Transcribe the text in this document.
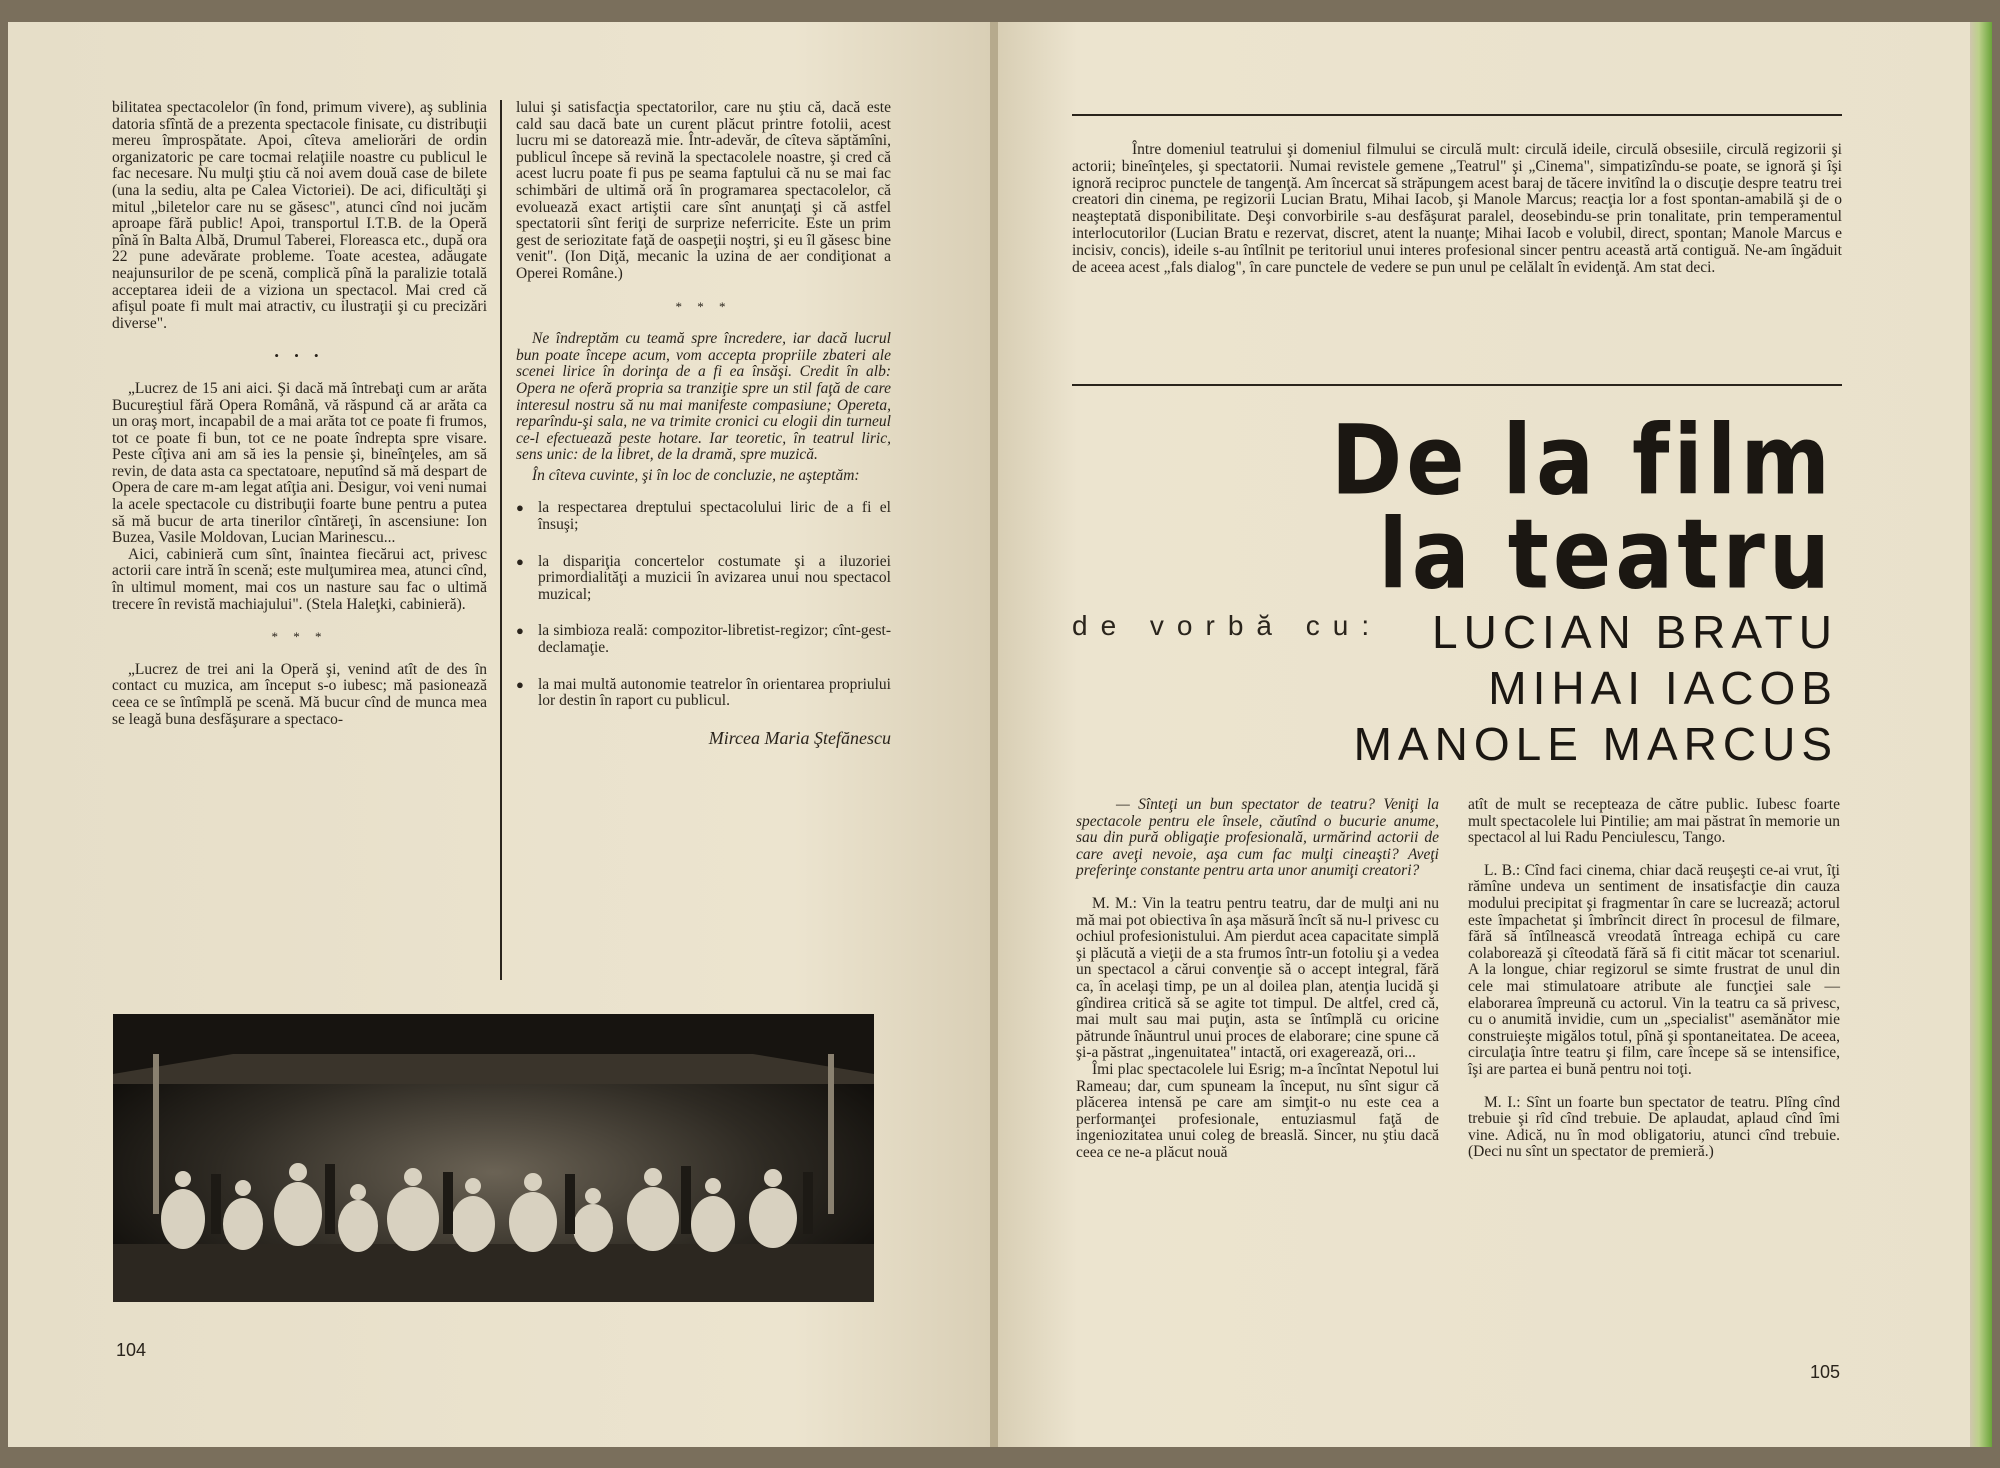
bilitatea spectacolelor (în fond, primum vivere), aş sublinia datoria sfîntă de a prezenta spectacole finisate, cu distribuţii mereu împrospătate. Apoi, cîteva ameliorări de ordin organizatoric pe care tocmai relaţiile noastre cu publicul le fac necesare. Nu mulţi ştiu că noi avem două case de bilete (una la sediu, alta pe Calea Victoriei). De aci, dificultăţi şi mitul „biletelor care nu se găsesc", atunci cînd noi jucăm aproape fără public! Apoi, transportul I.T.B. de la Operă pînă în Balta Albă, Drumul Taberei, Floreasca etc., după ora 22 pune adevărate probleme. Toate acestea, adăugate neajunsurilor de pe scenă, complică pînă la paralizie totală acceptarea ideii de a viziona un spectacol. Mai cred că afişul poate fi mult mai atractiv, cu ilustraţii şi cu precizări diverse".

• • •

„Lucrez de 15 ani aici. Şi dacă mă întrebaţi cum ar arăta Bucureştiul fără Opera Română, vă răspund că ar arăta ca un oraş mort, incapabil de a mai arăta tot ce poate fi frumos, tot ce poate fi bun, tot ce ne poate îndrepta spre visare. Peste cîţiva ani am să ies la pensie şi, bineînţeles, am să revin, de data asta ca spectatoare, neputînd să mă despart de Opera de care m-am legat atîţia ani. Desigur, voi veni numai la acele spectacole cu distribuţii foarte bune pentru a putea să mă bucur de arta tinerilor cîntăreţi, în ascensiune: Ion Buzea, Vasile Moldovan, Lucian Marinescu...

Aici, cabinieră cum sînt, înaintea fiecărui act, privesc actorii care intră în scenă; este mulţumirea mea, atunci cînd, în ultimul moment, mai cos un nasture sau fac o ultimă trecere în revistă machiajului". (Stela Haleţki, cabinieră).

* * *

„Lucrez de trei ani la Operă şi, venind atît de des în contact cu muzica, am început s-o iubesc; mă pasionează ceea ce se întîmplă pe scenă. Mă bucur cînd de munca mea se leagă buna desfăşurare a spectaco-

lului şi satisfacţia spectatorilor, care nu ştiu că, dacă este cald sau dacă bate un curent plăcut printre fotolii, acest lucru mi se datorează mie. Într-adevăr, de cîteva săptămîni, publicul începe să revină la spectacolele noastre, şi cred că acest lucru poate fi pus pe seama faptului că nu se mai fac schimbări de ultimă oră în programarea spectacolelor, că evoluează exact artiştii care sînt anunţaţi şi că astfel spectatorii sînt feriţi de surprize neferricite. Este un prim gest de seriozitate faţă de oaspeţii noştri, şi eu îl găsesc bine venit". (Ion Diţă, mecanic la uzina de aer condiţionat a Operei Române.)

* * *

Ne îndreptăm cu teamă spre încredere, iar dacă lucrul bun poate începe acum, vom accepta propriile zbateri ale scenei lirice în dorinţa de a fi ea însăşi. Credit în alb: Opera ne oferă propria sa tranziţie spre un stil faţă de care interesul nostru să nu mai manifeste compasiune; Opereta, reparîndu-şi sala, ne va trimite cronici cu elogii din turneul ce-l efectuează peste hotare. Iar teoretic, în teatrul liric, sens unic: de la libret, de la dramă, spre muzică.

În cîteva cuvinte, şi în loc de concluzie, ne aşteptăm:

● la respectarea dreptului spectacolului liric de a fi el însuşi;
● la dispariţia concertelor costumate şi a iluzoriei primordialităţi a muzicii în avizarea unui nou spectacol muzical;
● la simbioza reală: compozitor-libretist-regizor; cînt-gest-declamaţie.
● la mai multă autonomie teatrelor în orientarea propriului lor destin în raport cu publicul.
Mircea Maria Ştefănescu
104
Între domeniul teatrului şi domeniul filmului se circulă mult: circulă ideile, circulă obsesiile, circulă regizorii şi actorii; bineînţeles, şi spectatorii. Numai revistele gemene „Teatrul" şi „Cinema", simpatizîndu-se poate, se ignoră şi îşi ignoră reciproc punctele de tangenţă. Am încercat să străpungem acest baraj de tăcere invitînd la o discuţie despre teatru trei creatori din cinema, pe regizorii Lucian Bratu, Mihai Iacob, şi Manole Marcus; reacţia lor a fost spontan-amabilă şi de o neaşteptată disponibilitate. Deşi convorbirile s-au desfăşurat paralel, deosebindu-se prin tonalitate, prin temperamentul interlocutorilor (Lucian Bratu e rezervat, discret, atent la nuanţe; Mihai Iacob e volubil, direct, spontan; Manole Marcus e incisiv, concis), ideile s-au întîlnit pe teritoriul unui interes profesional sincer pentru această artă contiguă. Ne-am îngăduit de aceea acest „fals dialog", în care punctele de vedere se pun unul pe celălalt în evidenţă. Am stat deci.
De la film
la teatru
de vorbă cu:	LUCIAN BRATU
MIHAI IACOB
MANOLE MARCUS

— Sînteţi un bun spectator de teatru? Veniţi la spectacole pentru ele însele, căutînd o bucurie anume, sau din pură obligaţie profesională, urmărind actorii de care aveţi nevoie, aşa cum fac mulţi cineaşti? Aveţi preferinţe constante pentru arta unor anumiţi creatori?

M. M.: Vin la teatru pentru teatru, dar de mulţi ani nu mă mai pot obiectiva în aşa măsură încît să nu-l privesc cu ochiul profesionistului. Am pierdut acea capacitate simplă şi plăcută a vieţii de a sta frumos într-un fotoliu şi a vedea un spectacol a cărui convenţie să o accept integral, fără ca, în acelaşi timp, pe un al doilea plan, atenţia lucidă şi gîndirea critică să se agite tot timpul. De altfel, cred că, mai mult sau mai puţin, asta se întîmplă cu oricine pătrunde înăuntrul unui proces de elaborare; cine spune că şi-a păstrat „ingenuitatea" intactă, ori exagerează, ori...

Îmi plac spectacolele lui Esrig; m-a încîntat Nepotul lui Rameau; dar, cum spuneam la început, nu sînt sigur că plăcerea intensă pe care am simţit-o nu este cea a performanţei profesionale, entuziasmul faţă de ingeniozitatea unui coleg de breaslă. Sincer, nu ştiu dacă ceea ce ne-a plăcut nouă

atît de mult se recepteaza de către public. Iubesc foarte mult spectacolele lui Pintilie; am mai păstrat în memorie un spectacol al lui Radu Penciulescu, Tango.

L. B.: Cînd faci cinema, chiar dacă reuşeşti ce-ai vrut, îţi rămîne undeva un sentiment de insatisfacţie din cauza modului precipitat şi fragmentar în care se lucrează; actorul este împachetat şi îmbrîncit direct în procesul de filmare, fără să întîlnească vreodată întreaga echipă cu care colaborează şi cîteodată fără să fi citit măcar tot scenariul. A la longue, chiar regizorul se simte frustrat de unul din cele mai stimulatoare atribute ale funcţiei sale — elaborarea împreună cu actorul. Vin la teatru ca să privesc, cu o anumită invidie, cum un „specialist" asemănător mie construieşte migălos totul, pînă şi spontaneitatea. De aceea, circulaţia între teatru şi film, care începe să se intensifice, îşi are partea ei bună pentru noi toţi.

M. I.: Sînt un foarte bun spectator de teatru. Plîng cînd trebuie şi rîd cînd trebuie. De aplaudat, aplaud cînd îmi vine. Adică, nu în mod obligatoriu, atunci cînd trebuie. (Deci nu sînt un spectator de premieră.)

105
